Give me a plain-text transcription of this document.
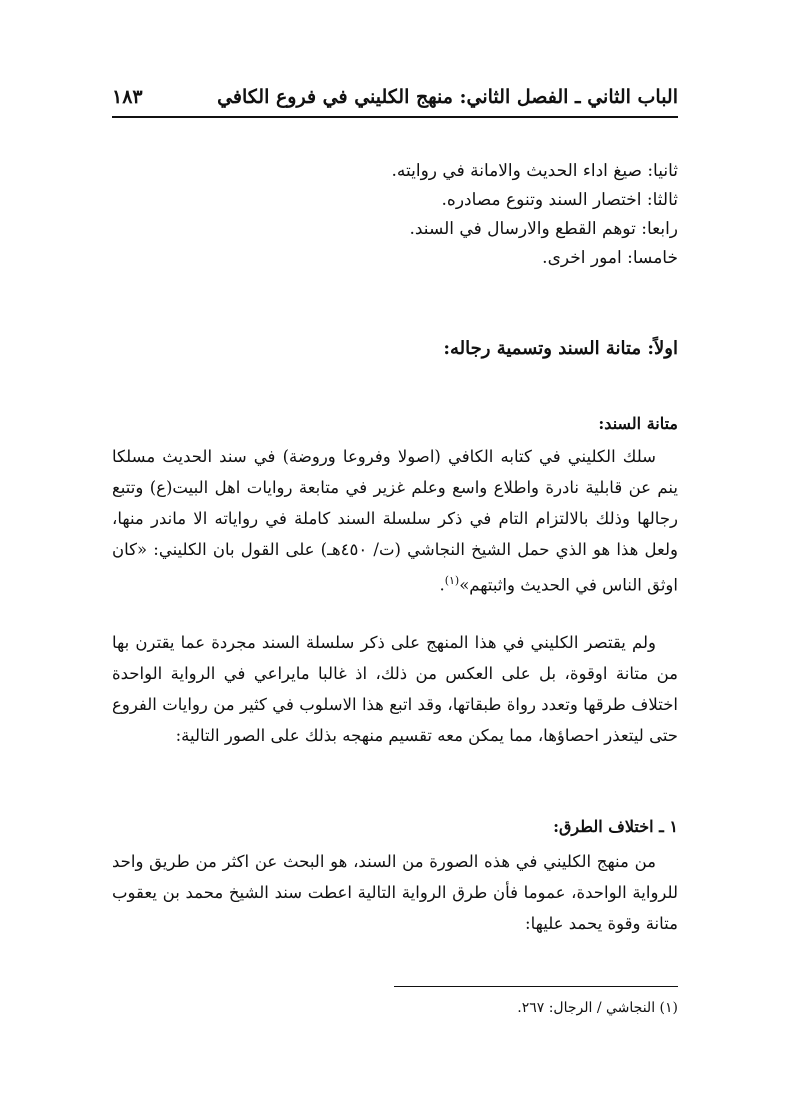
الباب الثاني ـ الفصل الثاني: منهج الكليني في فروع الكافي
١٨٣
ثانيا: صيغ اداء الحديث والامانة في روايته.
ثالثا: اختصار السند وتنوع مصادره.
رابعا: توهم القطع والارسال في السند.
خامسا: امور اخرى.
اولاً: متانة السند وتسمية رجاله:
متانة السند:

سلك الكليني في كتابه الكافي (اصولا وفروعا وروضة) في سند الحديث مسلكا ينم عن قابلية نادرة واطلاع واسع وعلم غزير في متابعة روايات اهل البيت(ع) وتتبع رجالها وذلك بالالتزام التام في ذكر سلسلة السند كاملة في رواياته الا ماندر منها، ولعل هذا هو الذي حمل الشيخ النجاشي (ت/ ٤٥٠هـ) على القول بان الكليني: «كان اوثق الناس في الحديث واثبتهم»$^{(١)}$.

ولم يقتصر الكليني في هذا المنهج على ذكر سلسلة السند مجردة عما يقترن بها من متانة اوقوة، بل على العكس من ذلك، اذ غالبا مايراعي في الرواية الواحدة اختلاف طرقها وتعدد رواة طبقاتها، وقد اتبع هذا الاسلوب في كثير من روايات الفروع حتى ليتعذر احصاؤها، مما يمكن معه تقسيم منهجه بذلك على الصور التالية:

١ ـ اختلاف الطرق:

من منهج الكليني في هذه الصورة من السند، هو البحث عن اكثر من طريق واحد للرواية الواحدة، عموما فأن طرق الرواية التالية اعطت سند الشيخ محمد بن يعقوب متانة وقوة يحمد عليها:

(١) النجاشي / الرجال: ٢٦٧.
